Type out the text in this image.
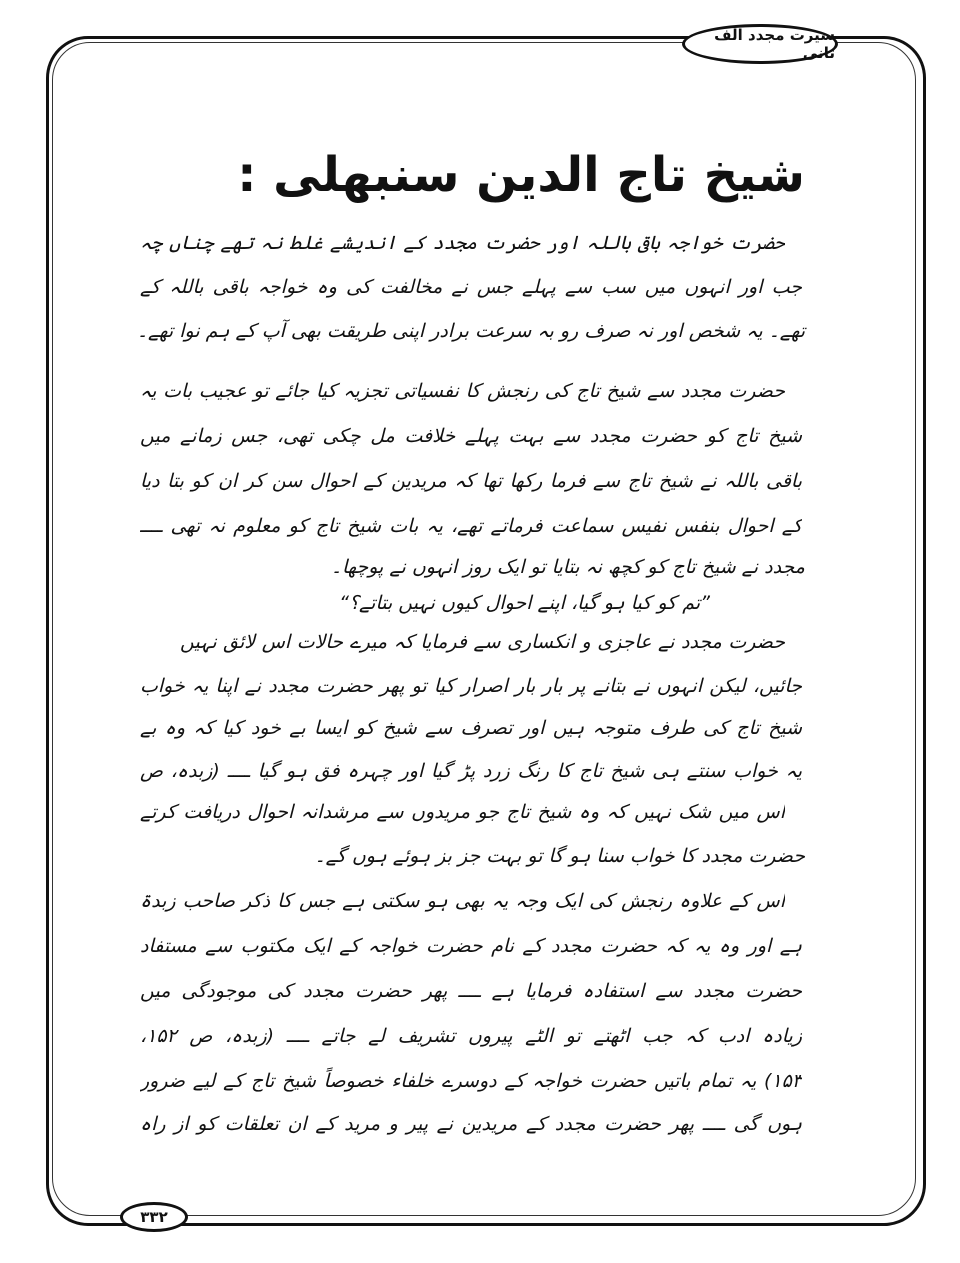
سیرت مجدد الف ثانی
شیخ تاج الدین سنبھلی :
حضرت خواجہ باقی باللہ اور حضرت مجدد کے اندیشے غلط نہ تھے چناں چہ
جب اور انہوں میں سب سے پہلے جس نے مخالفت کی وہ خواجہ باقی باللہ کے
تھے۔ یہ شخص اور نہ صرف رو بہ سرعت برادر اپنی طریقت بھی آپ کے ہم نوا تھے۔
حضرت مجدد سے شیخ تاج کی رنجش کا نفسیاتی تجزیہ کیا جائے تو عجیب بات یہ
شیخ تاج کو حضرت مجدد سے بہت پہلے خلافت مل چکی تھی، جس زمانے میں
باقی باللہ نے شیخ تاج سے فرما رکھا تھا کہ مریدین کے احوال سن کر ان کو بتا دیا
کے احوال بنفس نفیس سماعت فرماتے تھے، یہ بات شیخ تاج کو معلوم نہ تھی ــــ
مجدد نے شیخ تاج کو کچھ نہ بتایا تو ایک روز انہوں نے پوچھا۔
”تم کو کیا ہو گیا، اپنے احوال کیوں نہیں بتاتے؟“
حضرت مجدد نے عاجزی و انکساری سے فرمایا کہ میرے حالات اس لائق نہیں
جائیں، لیکن انہوں نے بتانے پر بار بار اصرار کیا تو پھر حضرت مجدد نے اپنا یہ خواب
شیخ تاج کی طرف متوجہ ہیں اور تصرف سے شیخ کو ایسا بے خود کیا کہ وہ بے
یہ خواب سنتے ہی شیخ تاج کا رنگ زرد پڑ گیا اور چہرہ فق ہو گیا ــــ (زبدہ، ص
اس میں شک نہیں کہ وہ شیخ تاج جو مریدوں سے مرشدانہ احوال دریافت کرتے
حضرت مجدد کا خواب سنا ہو گا تو بہت جز بز ہوئے ہوں گے۔
اس کے علاوہ رنجش کی ایک وجہ یہ بھی ہو سکتی ہے جس کا ذکر صاحب زبدۃ
ہے اور وہ یہ کہ حضرت مجدد کے نام حضرت خواجہ کے ایک مکتوب سے مستفاد
حضرت مجدد سے استفادہ فرمایا ہے ــــ پھر حضرت مجدد کی موجودگی میں
زیادہ ادب کہ جب اٹھتے تو الٹے پیروں تشریف لے جاتے ــــ (زبدہ، ص ۱۵۲،
۱۵۳) یہ تمام باتیں حضرت خواجہ کے دوسرے خلفاء خصوصاً شیخ تاج کے لیے ضرور
ہوں گی ــــ پھر حضرت مجدد کے مریدین نے پیر و مرید کے ان تعلقات کو از راہ
۳۳۲
